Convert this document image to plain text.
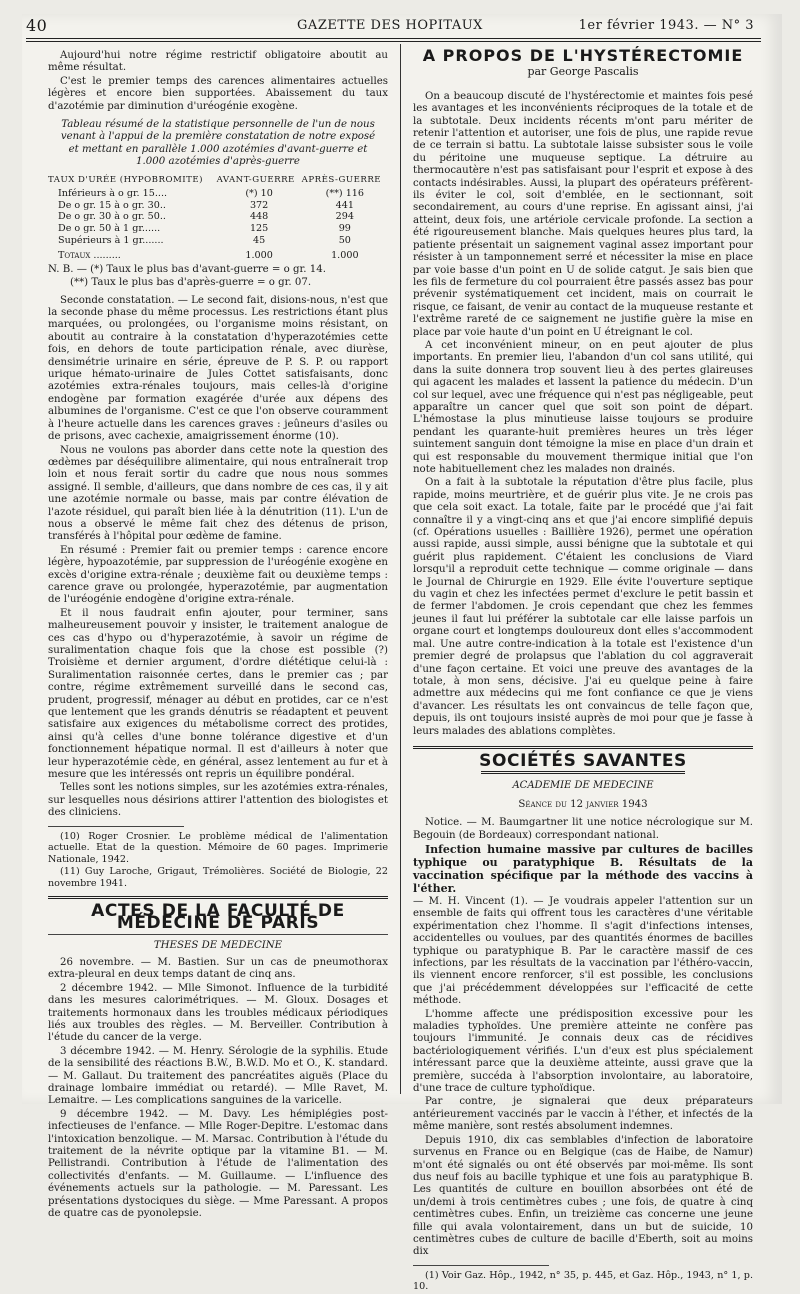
40	GAZETTE DES HOPITAUX	1er février 1943. — N° 3

Aujourd'hui notre régime restrictif obligatoire aboutit au même résultat.

C'est le premier temps des carences alimentaires actuelles légères et encore bien supportées. Abaissement du taux d'azotémie par diminution d'uréogénie exogène.

Tableau résumé de la statistique personnelle de l'un de nous venant à l'appui de la première constatation de notre exposé et mettant en parallèle 1.000 azotémies d'avant-guerre et 1.000 azotémies d'après-guerre

TAUX D'URÉE (HYPOBROMITE)	AVANT-GUERRE	APRÈS-GUERRE
Inférieurs à o gr. 15....	(*) 10	(**) 116
De o gr. 15 à o gr. 30..	372	441
De o gr. 30 à o gr. 50..	448	294
De o gr. 50 à 1 gr......	125	99
Supérieurs à 1 gr.......	45	50
Totaux .........	1.000	1.000

N. B. — (*) Taux le plus bas d'avant-guerre = o gr. 14.

(**) Taux le plus bas d'après-guerre = o gr. 07.

Seconde constatation. — Le second fait, disions-nous, n'est que la seconde phase du même processus. Les restrictions étant plus marquées, ou prolongées, ou l'organisme moins résistant, on aboutit au contraire à la constatation d'hyperazotémies cette fois, en dehors de toute participation rénale, avec diurèse, densimétrie urinaire en série, épreuve de P. S. P. ou rapport urique hémato-urinaire de Jules Cottet satisfaisants, donc azotémies extra-rénales toujours, mais celles-là d'origine endogène par formation exagérée d'urée aux dépens des albumines de l'organisme. C'est ce que l'on observe couramment à l'heure actuelle dans les carences graves : jeûneurs d'asiles ou de prisons, avec cachexie, amaigrissement énorme (10).

Nous ne voulons pas aborder dans cette note la question des œdèmes par déséquilibre alimentaire, qui nous entraînerait trop loin et nous ferait sortir du cadre que nous nous sommes assigné. Il semble, d'ailleurs, que dans nombre de ces cas, il y ait une azotémie normale ou basse, mais par contre élévation de l'azote résiduel, qui paraît bien liée à la dénutrition (11). L'un de nous a observé le même fait chez des détenus de prison, transférés à l'hôpital pour œdème de famine.

En résumé : Premier fait ou premier temps : carence encore légère, hypoazotémie, par suppression de l'uréogénie exogène en excès d'origine extra-rénale ; deuxième fait ou deuxième temps : carence grave ou prolongée, hyperazotémie, par augmentation de l'uréogénie endogène d'origine extra-rénale.

Et il nous faudrait enfin ajouter, pour terminer, sans malheureusement pouvoir y insister, le traitement analogue de ces cas d'hypo ou d'hyperazotémie, à savoir un régime de suralimentation chaque fois que la chose est possible (?) Troisième et dernier argument, d'ordre diététique celui-là : Suralimentation raisonnée certes, dans le premier cas ; par contre, régime extrêmement surveillé dans le second cas, prudent, progressif, ménager au début en protides, car ce n'est que lentement que les grands dénutris se réadaptent et peuvent satisfaire aux exigences du métabolisme correct des protides, ainsi qu'à celles d'une bonne tolérance digestive et d'un fonctionnement hépatique normal. Il est d'ailleurs à noter que leur hyperazotémie cède, en général, assez lentement au fur et à mesure que les intéressés ont repris un équilibre pondéral.

Telles sont les notions simples, sur les azotémies extra-rénales, sur lesquelles nous désirions attirer l'attention des biologistes et des cliniciens.

(10) Roger Crosnier. Le problème médical de l'alimentation actuelle. Etat de la question. Mémoire de 60 pages. Imprimerie Nationale, 1942.

(11) Guy Laroche, Grigaut, Trémolières. Société de Biologie, 22 novembre 1941.

ACTES DE LA FACULTÉ DE MÉDECINE DE PARIS

THESES DE MEDECINE

26 novembre. — M. Bastien. Sur un cas de pneumothorax extra-pleural en deux temps datant de cinq ans.

2 décembre 1942. — Mlle Simonot. Influence de la turbidité dans les mesures calorimétriques. — M. Gloux. Dosages et traitements hormonaux dans les troubles médicaux périodiques liés aux troubles des règles. — M. Berveiller. Contribution à l'étude du cancer de la verge.

3 décembre 1942. — M. Henry. Sérologie de la syphilis. Etude de la sensibilité des réactions B.W., B.W.D. Mo et O., K. standard. — M. Gallaut. Du traitement des pancréatites aiguës (Place du drainage lombaire immédiat ou retardé). — Mlle Ravet, M. Lemaitre. — Les complications sanguines de la varicelle.

9 décembre 1942. — M. Davy. Les hémiplégies post-infectieuses de l'enfance. — Mlle Roger-Depitre. L'estomac dans l'intoxication benzolique. — M. Marsac. Contribution à l'étude du traitement de la névrite optique par la vitamine B1. — M. Pellistrandi. Contribution à l'étude de l'alimentation des collectivités d'enfants. — M. Guillaume. — L'influence des événements actuels sur la pathologie. — M. Paressant. Les présentations dystociques du siège. — Mme Paressant. A propos de quatre cas de pyonolepsie.

A PROPOS DE L'HYSTÉRECTOMIE
par George Pascalis

On a beaucoup discuté de l'hystérectomie et maintes fois pesé les avantages et les inconvénients réciproques de la totale et de la subtotale. Deux incidents récents m'ont paru mériter de retenir l'attention et autoriser, une fois de plus, une rapide revue de ce terrain si battu. La subtotale laisse subsister sous le voile du péritoine une muqueuse septique. La détruire au thermocautère n'est pas satisfaisant pour l'esprit et expose à des contacts indésirables. Aussi, la plupart des opérateurs préfèrent-ils éviter le col, soit d'emblée, en le sectionnant, soit secondairement, au cours d'une reprise. En agissant ainsi, j'ai atteint, deux fois, une artériole cervicale profonde. La section a été rigoureusement blanche. Mais quelques heures plus tard, la patiente présentait un saignement vaginal assez important pour résister à un tamponnement serré et nécessiter la mise en place par voie basse d'un point en U de solide catgut. Je sais bien que les fils de fermeture du col pourraient être passés assez bas pour prévenir systématiquement cet incident, mais on courrait le risque, ce faisant, de venir au contact de la muqueuse restante et l'extrême rareté de ce saignement ne justifie guère la mise en place par voie haute d'un point en U étreignant le col.

A cet inconvénient mineur, on en peut ajouter de plus importants. En premier lieu, l'abandon d'un col sans utilité, qui dans la suite donnera trop souvent lieu à des pertes glaireuses qui agacent les malades et lassent la patience du médecin. D'un col sur lequel, avec une fréquence qui n'est pas négligeable, peut apparaître un cancer quel que soit son point de départ. L'hémostase la plus minutieuse laisse toujours se produire pendant les quarante-huit premières heures un très léger suintement sanguin dont témoigne la mise en place d'un drain et qui est responsable du mouvement thermique initial que l'on note habituellement chez les malades non drainés.

On a fait à la subtotale la réputation d'être plus facile, plus rapide, moins meurtrière, et de guérir plus vite. Je ne crois pas que cela soit exact. La totale, faite par le procédé que j'ai fait connaître il y a vingt-cinq ans et que j'ai encore simplifié depuis (cf. Opérations usuelles : Baillière 1926), permet une opération aussi rapide, aussi simple, aussi bénigne que la subtotale et qui guérit plus rapidement. C'étaient les conclusions de Viard lorsqu'il a reproduit cette technique — comme originale — dans le Journal de Chirurgie en 1929. Elle évite l'ouverture septique du vagin et chez les infectées permet d'exclure le petit bassin et de fermer l'abdomen. Je crois cependant que chez les femmes jeunes il faut lui préférer la subtotale car elle laisse parfois un organe court et longtemps douloureux dont elles s'accommodent mal. Une autre contre-indication à la totale est l'existence d'un premier degré de prolapsus que l'ablation du col aggraverait d'une façon certaine. Et voici une preuve des avantages de la totale, à mon sens, décisive. J'ai eu quelque peine à faire admettre aux médecins qui me font confiance ce que je viens d'avancer. Les résultats les ont convaincus de telle façon que, depuis, ils ont toujours insisté auprès de moi pour que je fasse à leurs malades des ablations complètes.

SOCIÉTÉS SAVANTES

ACADEMIE DE MEDECINE

Séance du 12 janvier 1943

Notice. — M. Baumgartner lit une notice nécrologique sur M. Begouin (de Bordeaux) correspondant national.

Infection humaine massive par cultures de bacilles typhique ou paratyphique B. Résultats de la vaccination spécifique par la méthode des vaccins à l'éther.

— M. H. Vincent (1). — Je voudrais appeler l'attention sur un ensemble de faits qui offrent tous les caractères d'une véritable expérimentation chez l'homme. Il s'agit d'infections intenses, accidentelles ou voulues, par des quantités énormes de bacilles typhique ou paratyphique B. Par le caractère massif de ces infections, par les résultats de la vaccination par l'éthéro-vaccin, ils viennent encore renforcer, s'il est possible, les conclusions que j'ai précédemment développées sur l'efficacité de cette méthode.

L'homme affecte une prédisposition excessive pour les maladies typhoïdes. Une première atteinte ne confère pas toujours l'immunité. Je connais deux cas de récidives bactériologiquement vérifiés. L'un d'eux est plus spécialement intéressant parce que la deuxième atteinte, aussi grave que la première, succéda à l'absorption involontaire, au laboratoire, d'une trace de culture typhoïdique.

Par contre, je signalerai que deux préparateurs antérieurement vaccinés par le vaccin à l'éther, et infectés de la même manière, sont restés absolument indemnes.

Depuis 1910, dix cas semblables d'infection de laboratoire survenus en France ou en Belgique (cas de Haibe, de Namur) m'ont été signalés ou ont été observés par moi-même. Ils sont dus neuf fois au bacille typhique et une fois au paratyphique B. Les quantités de culture en bouillon absorbées ont été de un/demi à trois centimètres cubes ; une fois, de quatre à cinq centimètres cubes. Enfin, un treizième cas concerne une jeune fille qui avala volontairement, dans un but de suicide, 10 centimètres cubes de culture de bacille d'Eberth, soit au moins dix

(1) Voir Gaz. Hôp., 1942, n° 35, p. 445, et Gaz. Hôp., 1943, n° 1, p. 10.
